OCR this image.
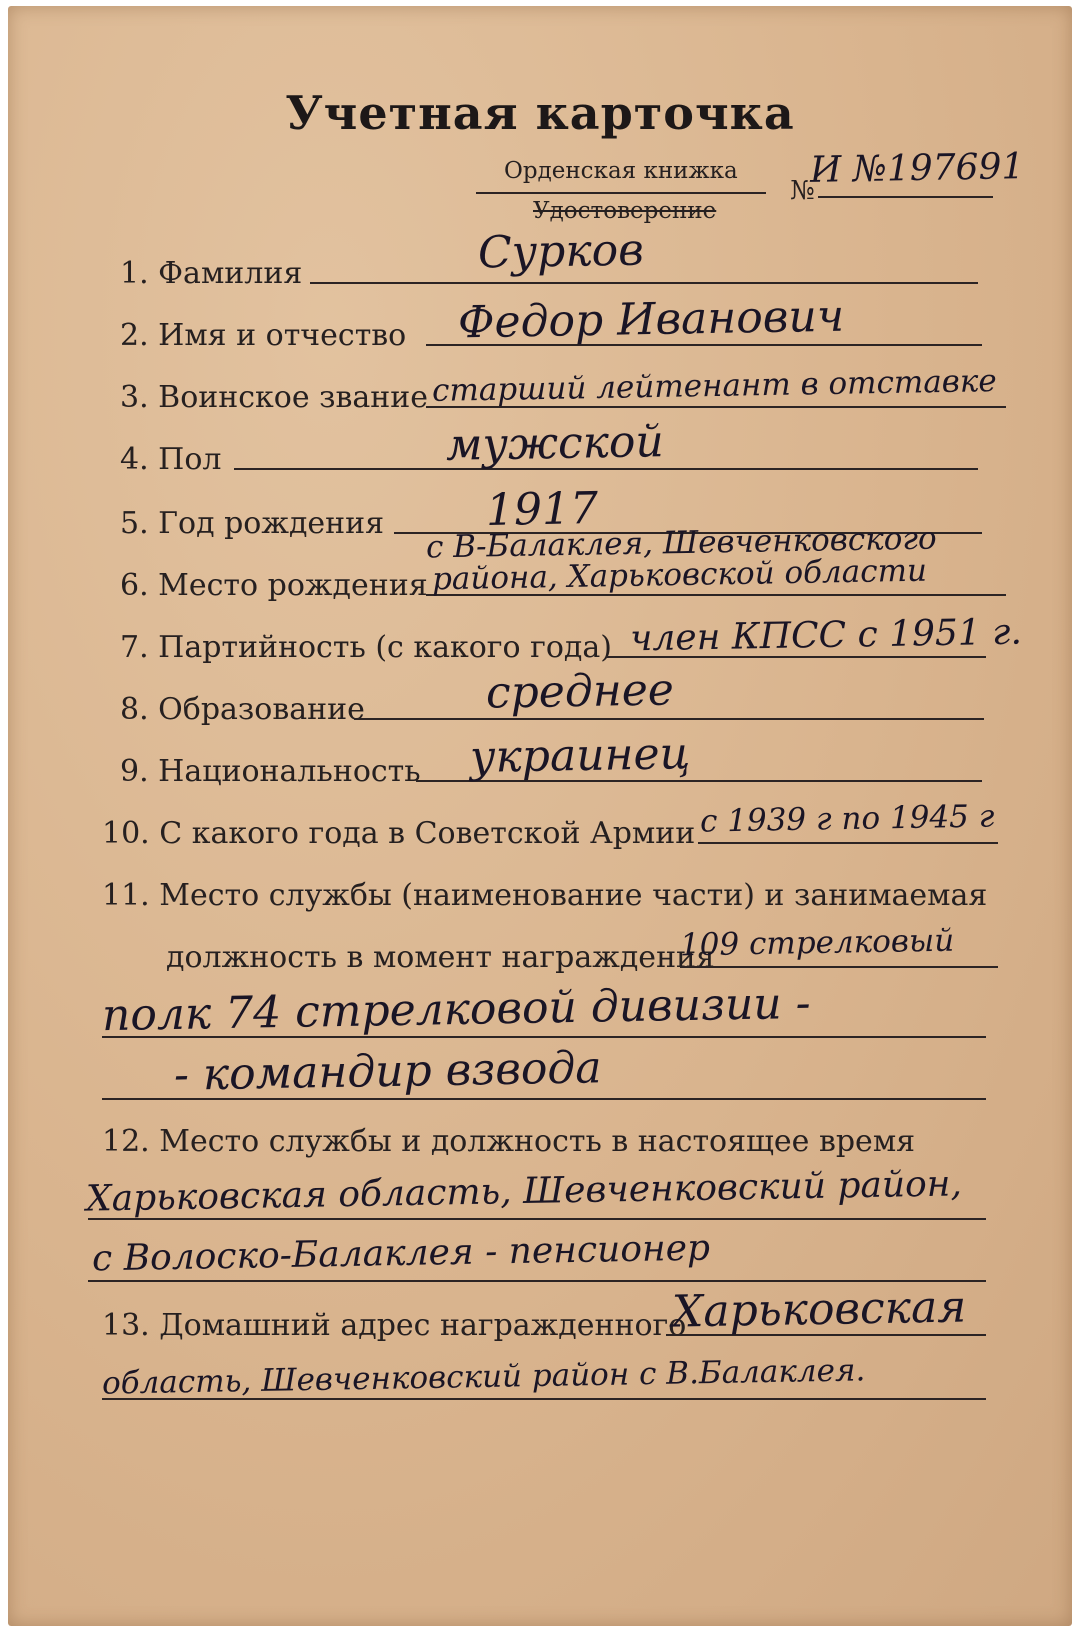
Учетная карточка
Орденская книжка
Удостоверение
№
И №197691
1. Фамилия	Сурков
2. Имя и отчество Федор Иванович
3. Воинское звание старший лейтенант в отставке
4. Пол	мужской
5. Год рождения 1917
6. Место рождения
с В-Балаклея, Шевченковского
района, Харьковской области
7. Партийность (с какого года) член КПСС с 1951 г.
8. Образование	среднее
9. Национальность украинец
10. С какого года в Советской Армии с 1939 г по 1945 г
11. Место службы (наименование части) и занимаемая
должность в момент награждения
109 стрелковый
полк 74 стрелковой дивизии -
- командир взвода
12. Место службы и должность в настоящее время
Харьковская область, Шевченковский район,
с Волоско-Балаклея - пенсионер
13. Домашний адрес награжденного
Харьковская
область, Шевченковский район с В.Балаклея.
